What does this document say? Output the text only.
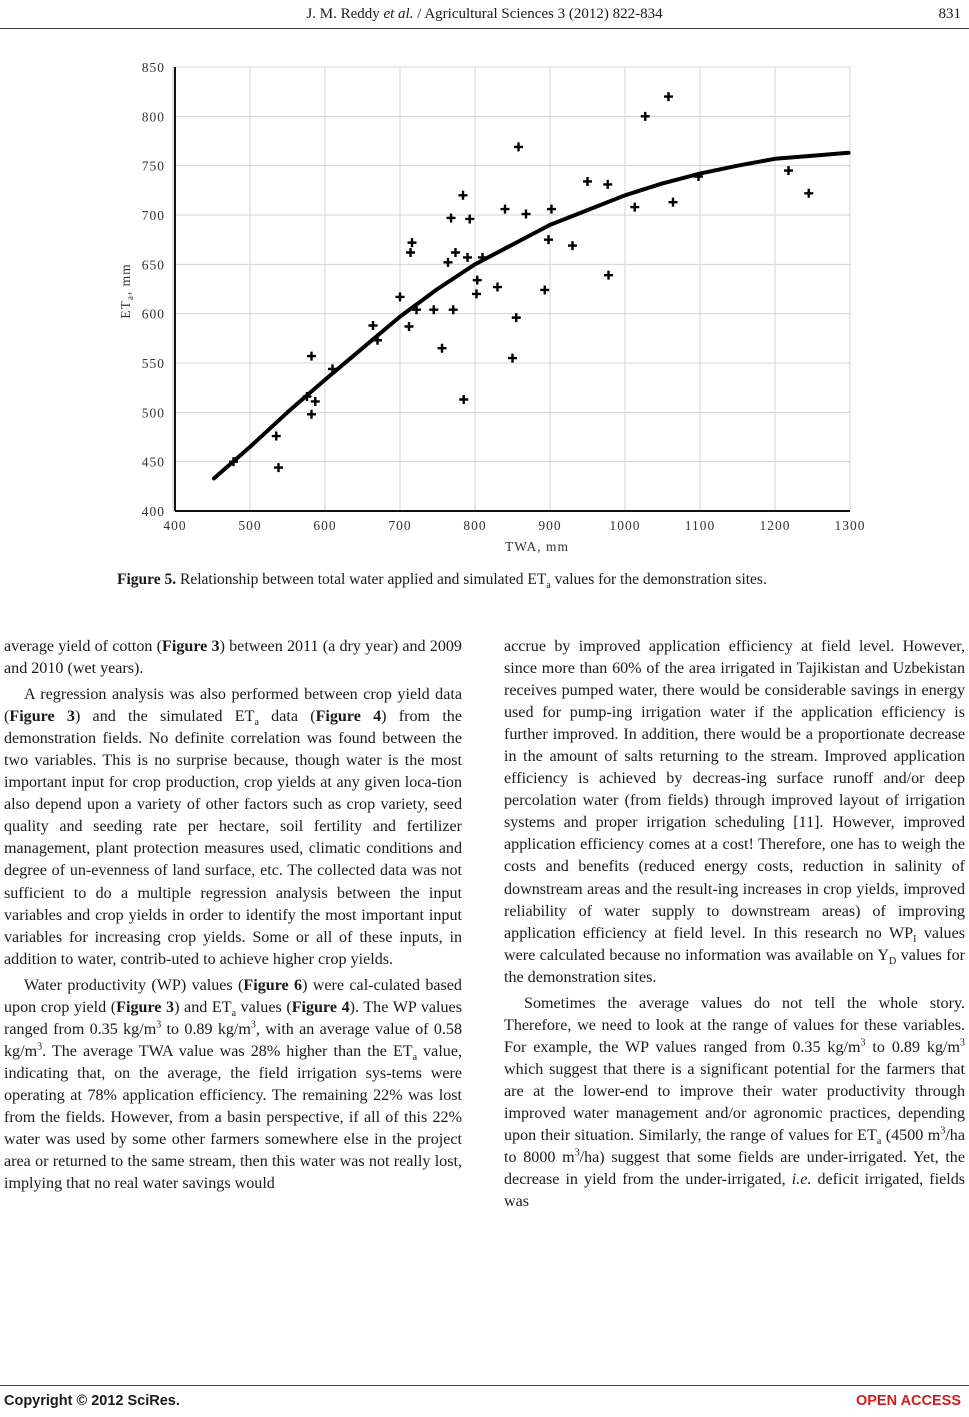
J. M. Reddy et al. / Agricultural Sciences 3 (2012) 822-834	831
400
450
500
550
600
650
700
750
800
850
400	500	600	700	800	900	1000	1100	1200	1300
TWA, mm
$ET_a$, mm
Figure 5. Relationship between total water applied and simulated $ET_a$ values for the demonstration sites.

average yield of cotton (Figure 3) between 2011 (a dry year) and 2009 and 2010 (wet years).

A regression analysis was also performed between crop yield data (Figure 3) and the simulated $ET_a$ data (Figure 4) from the demonstration fields. No definite correlation was found between the two variables. This is no surprise because, though water is the most important input for crop production, crop yields at any given loca-tion also depend upon a variety of other factors such as crop variety, seed quality and seeding rate per hectare, soil fertility and fertilizer management, plant protection measures used, climatic conditions and degree of un-evenness of land surface, etc. The collected data was not sufficient to do a multiple regression analysis between the input variables and crop yields in order to identify the most important input variables for increasing crop yields. Some or all of these inputs, in addition to water, contrib-uted to achieve higher crop yields.

Water productivity (WP) values (Figure 6) were cal-culated based upon crop yield (Figure 3) and $ET_a$ values (Figure 4). The WP values ranged from 0.35 $kg/m^3$ to 0.89 $kg/m^3$, with an average value of 0.58 $kg/m^3$. The average TWA value was 28% higher than the $ET_a$ value, indicating that, on the average, the field irrigation sys-tems were operating at 78% application efficiency. The remaining 22% was lost from the fields. However, from a basin perspective, if all of this 22% water was used by some other farmers somewhere else in the project area or returned to the same stream, then this water was not really lost, implying that no real water savings would

accrue by improved application efficiency at field level. However, since more than 60% of the area irrigated in Tajikistan and Uzbekistan receives pumped water, there would be considerable savings in energy used for pump-ing irrigation water if the application efficiency is further improved. In addition, there would be a proportionate decrease in the amount of salts returning to the stream. Improved application efficiency is achieved by decreas-ing surface runoff and/or deep percolation water (from fields) through improved layout of irrigation systems and proper irrigation scheduling [11]. However, improved application efficiency comes at a cost! Therefore, one has to weigh the costs and benefits (reduced energy costs, reduction in salinity of downstream areas and the result-ing increases in crop yields, improved reliability of water supply to downstream areas) of improving application efficiency at field level. In this research no $WP_I$ values were calculated because no information was available on $Y_D$ values for the demonstration sites.

Sometimes the average values do not tell the whole story. Therefore, we need to look at the range of values for these variables. For example, the WP values ranged from 0.35 $kg/m^3$ to 0.89 $kg/m^3$ which suggest that there is a significant potential for the farmers that are at the lower-end to improve their water productivity through improved water management and/or agronomic practices, depending upon their situation. Similarly, the range of values for $ET_a$ (4500 $m^3/ha$ to 8000 $m^3/ha$) suggest that some fields are under-irrigated. Yet, the decrease in yield from the under-irrigated, i.e. deficit irrigated, fields was

Copyright © 2012 SciRes.	OPEN ACCESS
